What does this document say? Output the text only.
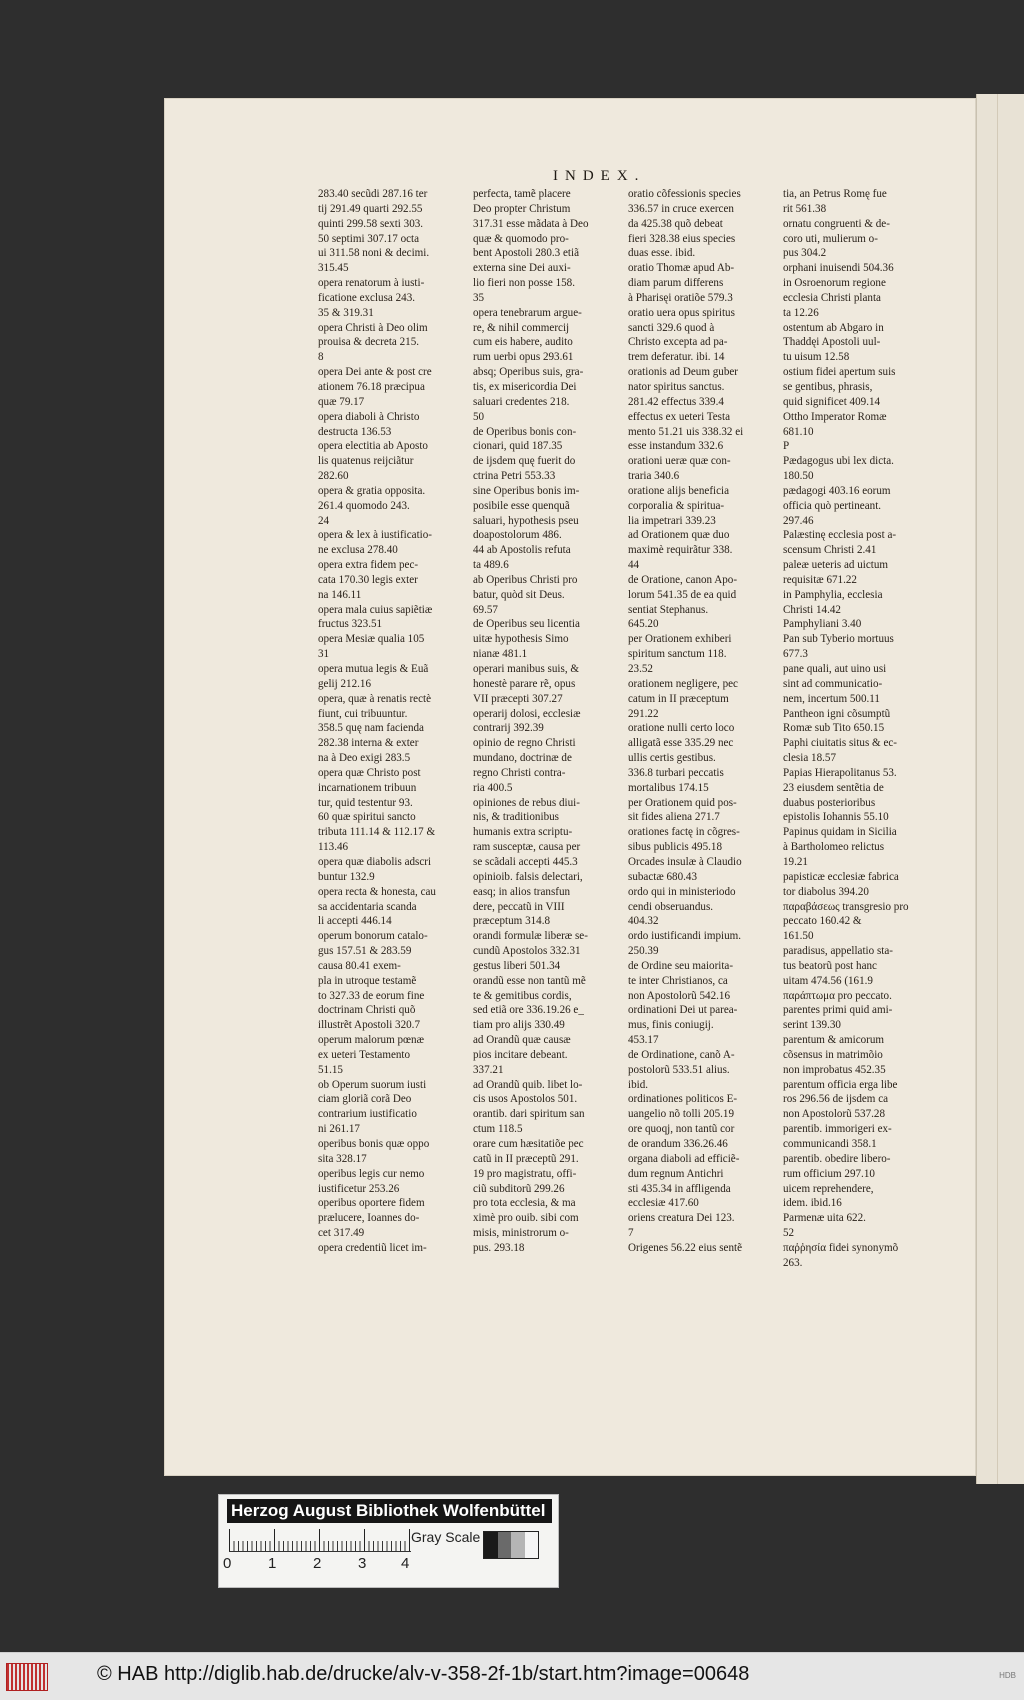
INDEX.
283.40 secũdi 287.16 ter
tij 291.49 quarti 292.55
quinti 299.58 sexti 303.
50 septimi 307.17 octa
ui 311.58 noni & decimi.
315.45
opera renatorum à iusti-
ficatione exclusa 243.
35 & 319.31
opera Christi à Deo olim
prouisa & decreta 215.
8
opera Dei ante & post cre
ationem 76.18 præcipua
quæ 79.17
opera diaboli à Christo
destructa 136.53
opera electitia ab Aposto
lis quatenus reijciãtur
282.60
opera & gratia opposita.
261.4 quomodo 243.
24
opera & lex à iustificatio-
ne exclusa 278.40
opera extra fidem pec-
cata 170.30 legis exter
na 146.11
opera mala cuius sapiẽtiæ
fructus 323.51
opera Mesiæ qualia 105
31
opera mutua legis & Euã
gelij 212.16
opera, quæ à renatis rectè
fiunt, cui tribuuntur.
358.5 quę nam facienda
282.38 interna & exter
na à Deo exigi 283.5
opera quæ Christo post
incarnationem tribuun
tur, quid testentur 93.
60 quæ spiritui sancto
tributa 111.14 & 112.17 &
113.46
opera quæ diabolis adscri
buntur 132.9
opera recta & honesta, cau
sa accidentaria scanda
li accepti 446.14
operum bonorum catalo-
gus 157.51 & 283.59
causa 80.41 exem-
pla in utroque testamẽ
to 327.33 de eorum fine
doctrinam Christi quõ
illustrẽt Apostoli 320.7
operum malorum pœnæ
ex ueteri Testamento
51.15
ob Operum suorum iusti
ciam gloriã corã Deo
contrarium iustificatio
ni 261.17
operibus bonis quæ oppo
sita 328.17
operibus legis cur nemo
iustificetur 253.26
operibus oportere fidem
prælucere, Ioannes do-
cet 317.49
opera credentiũ licet im-
perfecta, tamẽ placere
Deo propter Christum
317.31 esse mãdata à Deo
quæ & quomodo pro-
bent Apostoli 280.3 etiã
externa sine Dei auxi-
lio fieri non posse 158.
35
opera tenebrarum argue-
re, & nihil commercij
cum eis habere, audito
rum uerbi opus 293.61
absq; Operibus suis, gra-
tis, ex misericordia Dei
saluari credentes 218.
50
de Operibus bonis con-
cionari, quid 187.35
de ijsdem quę fuerit do
ctrina Petri 553.33
sine Operibus bonis im-
posibile esse quenquã
saluari, hypothesis pseu
doapostolorum 486.
44 ab Apostolis refuta
ta 489.6
ab Operibus Christi pro
batur, quòd sit Deus.
69.57
de Operibus seu licentia
uitæ hypothesis Simo
nianæ 481.1
operari manibus suis, &
honestè parare rẽ, opus
VII præcepti 307.27
operarij dolosi, ecclesiæ
contrarij 392.39
opinio de regno Christi
mundano, doctrinæ de
regno Christi contra-
ria 400.5
opiniones de rebus diui-
nis, & traditionibus
humanis extra scriptu-
ram susceptæ, causa per
se scãdali accepti 445.3
opinioib. falsis delectari,
easq; in alios transfun
dere, peccatũ in VIII
præceptum 314.8
orandi formulæ liberæ se-
cundũ Apostolos 332.31
gestus liberi 501.34
orandũ esse non tantũ mẽ
te & gemitibus cordis,
sed etiã ore 336.19.26 e_
tiam pro alijs 330.49
ad Orandũ quæ causæ
pios incitare debeant.
337.21
ad Orandũ quib. libet lo-
cis usos Apostolos 501.
orantib. dari spiritum san
ctum 118.5
orare cum hæsitatiõe pec
catũ in II præceptũ 291.
19 pro magistratu, offi-
ciũ subditorũ 299.26
pro tota ecclesia, & ma
ximè pro ouib. sibi com
misis, ministrorum o-
pus. 293.18
oratio cõfessionis species
336.57 in cruce exercen
da 425.38 quõ debeat
fieri 328.38 eius species
duas esse. ibid.
oratio Thomæ apud Ab-
diam parum differens
à Pharisęi oratiõe 579.3
oratio uera opus spiritus
sancti 329.6 quod à
Christo excepta ad pa-
trem deferatur. ibi. 14
orationis ad Deum guber
nator spiritus sanctus.
281.42 effectus 339.4
effectus ex ueteri Testa
mento 51.21 uis 338.32 ei
esse instandum 332.6
orationi ueræ quæ con-
traria 340.6
oratione alijs beneficia
corporalia & spiritua-
lia impetrari 339.23
ad Orationem quæ duo
maximè requirãtur 338.
44
de Oratione, canon Apo-
lorum 541.35 de ea quid
sentiat Stephanus.
645.20
per Orationem exhiberi
spiritum sanctum 118.
23.52
orationem negligere, pec
catum in II præceptum
291.22
oratione nulli certo loco
alligatã esse 335.29 nec
ullis certis gestibus.
336.8 turbari peccatis
mortalibus 174.15
per Orationem quid pos-
sit fides aliena 271.7
orationes factę in cõgres-
sibus publicis 495.18
Orcades insulæ à Claudio
subactæ 680.43
ordo qui in ministeriodo
cendi obseruandus.
404.32
ordo iustificandi impium.
250.39
de Ordine seu maiorita-
te inter Christianos, ca
non Apostolorũ 542.16
ordinationi Dei ut parea-
mus, finis coniugij.
453.17
de Ordinatione, canõ A-
postolorũ 533.51 alius.
ibid.
ordinationes politicos E-
uangelio nõ tolli 205.19
ore quoqj, non tantũ cor
de orandum 336.26.46
organa diaboli ad efficiẽ-
dum regnum Antichri
sti 435.34 in affligenda
ecclesiæ 417.60
oriens creatura Dei 123.
7
Origenes 56.22 eius sentẽ
tia, an Petrus Romę fue
rit 561.38
ornatu congruenti & de-
coro uti, mulierum o-
pus 304.2
orphani inuisendi 504.36
in Osroenorum regione
ecclesia Christi planta
ta 12.26
ostentum ab Abgaro in
Thaddęi Apostoli uul-
tu uisum 12.58
ostium fidei apertum suis
se gentibus, phrasis,
quid significet 409.14
Ottho Imperator Romæ
681.10
P
Pædagogus ubi lex dicta.
180.50
pædagogi 403.16 eorum
officia quò pertineant.
297.46
Palæstinę ecclesia post a-
scensum Christi 2.41
paleæ ueteris ad uictum
requisitæ 671.22
in Pamphylia, ecclesia
Christi 14.42
Pamphyliani 3.40
Pan sub Tyberio mortuus
677.3
pane quali, aut uino usi
sint ad communicatio-
nem, incertum 500.11
Pantheon igni cõsumptũ
Romæ sub Tito 650.15
Paphi ciuitatis situs & ec-
clesia 18.57
Papias Hierapolitanus 53.
23 eiusdem sentẽtia de
duabus posterioribus
epistolis Iohannis 55.10
Papinus quidam in Sicilia
à Bartholomeo relictus
19.21
papisticæ ecclesiæ fabrica
tor diabolus 394.20
παραβάσεως transgresio pro
peccato 160.42 &
161.50
paradisus, appellatio sta-
tus beatorũ post hanc
uitam 474.56 (161.9
παράπτωμα pro peccato.
parentes primi quid ami-
serint 139.30
parentum & amicorum
cõsensus in matrimõio
non improbatus 452.35
parentum officia erga libe
ros 296.56 de ijsdem ca
non Apostolorũ 537.28
parentib. immorigeri ex-
communicandi 358.1
parentib. obedire libero-
rum officium 297.10
uicem reprehendere,
idem. ibid.16
Parmenæ uita 622.
52
παῤῥησία fidei synonymõ
263.
Herzog August Bibliothek Wolfenbüttel
0 1 2 3 4
Gray Scale
© HAB http://diglib.hab.de/drucke/alv-v-358-2f-1b/start.htm?image=00648	HDB
